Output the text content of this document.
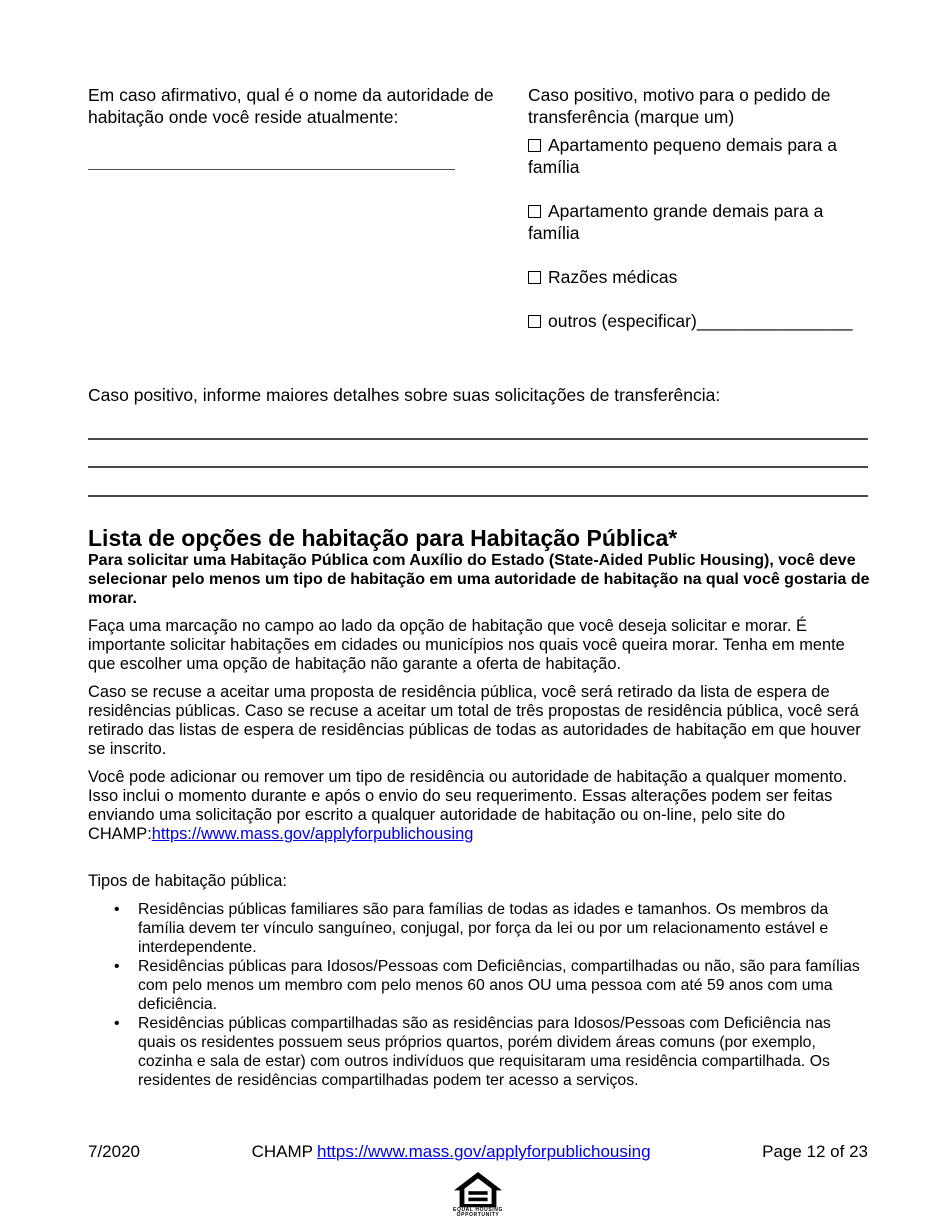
Em caso afirmativo, qual é o nome da autoridade de habitação onde você reside atualmente:

Caso positivo, motivo para o pedido de transferência (marque um)

Apartamento pequeno demais para a família
Apartamento grande demais para a família
Razões médicas
outros (especificar)________________

Caso positivo, informe maiores detalhes sobre suas solicitações de transferência:

Lista de opções de habitação para Habitação Pública*

Para solicitar uma Habitação Pública com Auxílio do Estado (State-Aided Public Housing), você deve selecionar pelo menos um tipo de habitação em uma autoridade de habitação na qual você gostaria de morar.

Faça uma marcação no campo ao lado da opção de habitação que você deseja solicitar e morar. É importante solicitar habitações em cidades ou municípios nos quais você queira morar. Tenha em mente que escolher uma opção de habitação não garante a oferta de habitação.

Caso se recuse a aceitar uma proposta de residência pública, você será retirado da lista de espera de residências públicas. Caso se recuse a aceitar um total de três propostas de residência pública, você será retirado das listas de espera de residências públicas de todas as autoridades de habitação em que houver se inscrito.

Você pode adicionar ou remover um tipo de residência ou autoridade de habitação a qualquer momento. Isso inclui o momento durante e após o envio do seu requerimento. Essas alterações podem ser feitas enviando uma solicitação por escrito a qualquer autoridade de habitação ou on-line, pelo site do CHAMP:https://www.mass.gov/applyforpublichousing

Tipos de habitação pública:

•	Residências públicas familiares são para famílias de todas as idades e tamanhos. Os membros da família devem ter vínculo sanguíneo, conjugal, por força da lei ou por um relacionamento estável e interdependente.
•	Residências públicas para Idosos/Pessoas com Deficiências, compartilhadas ou não, são para famílias com pelo menos um membro com pelo menos 60 anos OU uma pessoa com até 59 anos com uma deficiência.
•	Residências públicas compartilhadas são as residências para Idosos/Pessoas com Deficiência nas quais os residentes possuem seus próprios quartos, porém dividem áreas comuns (por exemplo, cozinha e sala de estar) com outros indivíduos que requisitaram uma residência compartilhada. Os residentes de residências compartilhadas podem ter acesso a serviços.
7/2020	CHAMP https://www.mass.gov/applyforpublichousing	Page 12 of 23
EQUAL HOUSING
OPPORTUNITY
